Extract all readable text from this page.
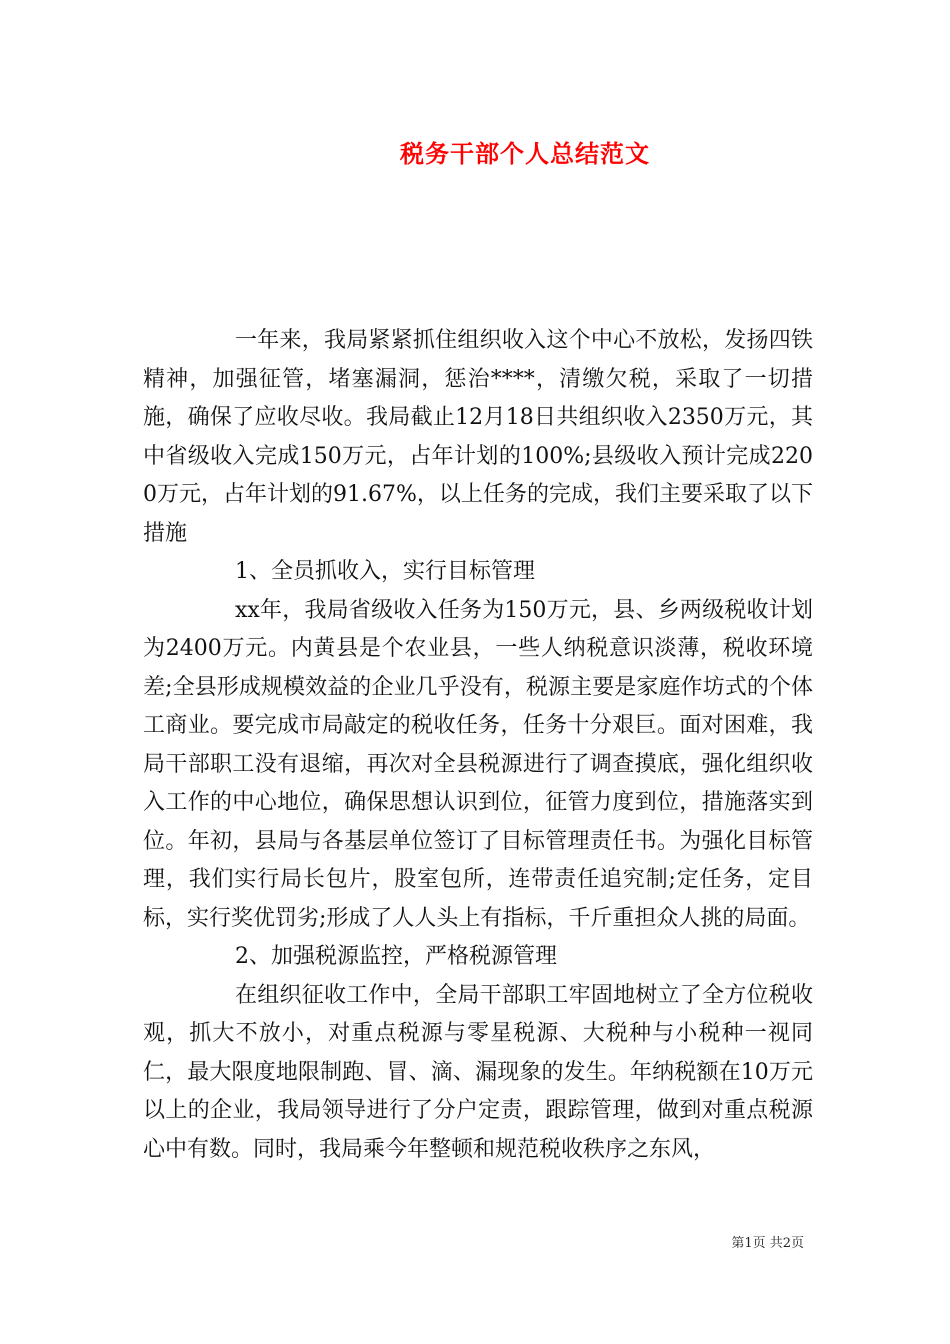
税务干部个人总结范文

一年来，我局紧紧抓住组织收入这个中心不放松，发扬四铁精神，加强征管，堵塞漏洞，惩治****，清缴欠税，采取了一切措施，确保了应收尽收。我局截止12月18日共组织收入2350万元，其中省级收入完成150万元，占年计划的100%;县级收入预计完成2200万元，占年计划的91.67%，以上任务的完成，我们主要采取了以下措施

1、全员抓收入，实行目标管理

xx年，我局省级收入任务为150万元，县、乡两级税收计划为2400万元。内黄县是个农业县，一些人纳税意识淡薄，税收环境差;全县形成规模效益的企业几乎没有，税源主要是家庭作坊式的个体工商业。要完成市局敲定的税收任务，任务十分艰巨。面对困难，我局干部职工没有退缩，再次对全县税源进行了调查摸底，强化组织收入工作的中心地位，确保思想认识到位，征管力度到位，措施落实到位。年初，县局与各基层单位签订了目标管理责任书。为强化目标管理，我们实行局长包片，股室包所，连带责任追究制;定任务，定目标，实行奖优罚劣;形成了人人头上有指标，千斤重担众人挑的局面。

2、加强税源监控，严格税源管理

在组织征收工作中，全局干部职工牢固地树立了全方位税收观，抓大不放小，对重点税源与零星税源、大税种与小税种一视同仁，最大限度地限制跑、冒、滴、漏现象的发生。年纳税额在10万元以上的企业，我局领导进行了分户定责，跟踪管理，做到对重点税源心中有数。同时，我局乘今年整顿和规范税收秩序之东风，

第1页 共2页
